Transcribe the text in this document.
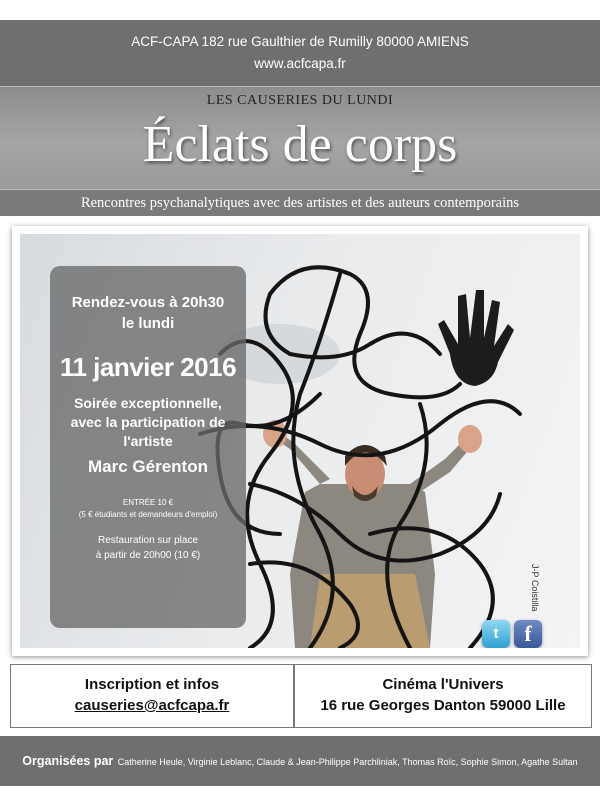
ACF-CAPA 182 rue Gaulthier de Rumilly 80000 AMIENS
www.acfcapa.fr
LES CAUSERIES DU LUNDI
Éclats de corps
Rencontres psychanalytiques avec des artistes et des auteurs contemporains
Rendez-vous à 20h30
le lundi
11 janvier 2016
Soirée exceptionnelle,
avec la participation de
l'artiste
Marc Gérenton
ENTRÉE 10 €
(5 € étudiants et demandeurs d'emploi)
Restauration sur place
à partir de 20h00 (10 €)
J-P Coistilla
t	f
Inscription et infos
causeries@acfcapa.fr
Cinéma l'Univers
16 rue Georges Danton 59000 Lille
Organisées par Catherine Heule, Virginie Leblanc, Claude & Jean-Philippe Parchliniak, Thomas Roïc, Sophie Simon, Agathe Sultan
